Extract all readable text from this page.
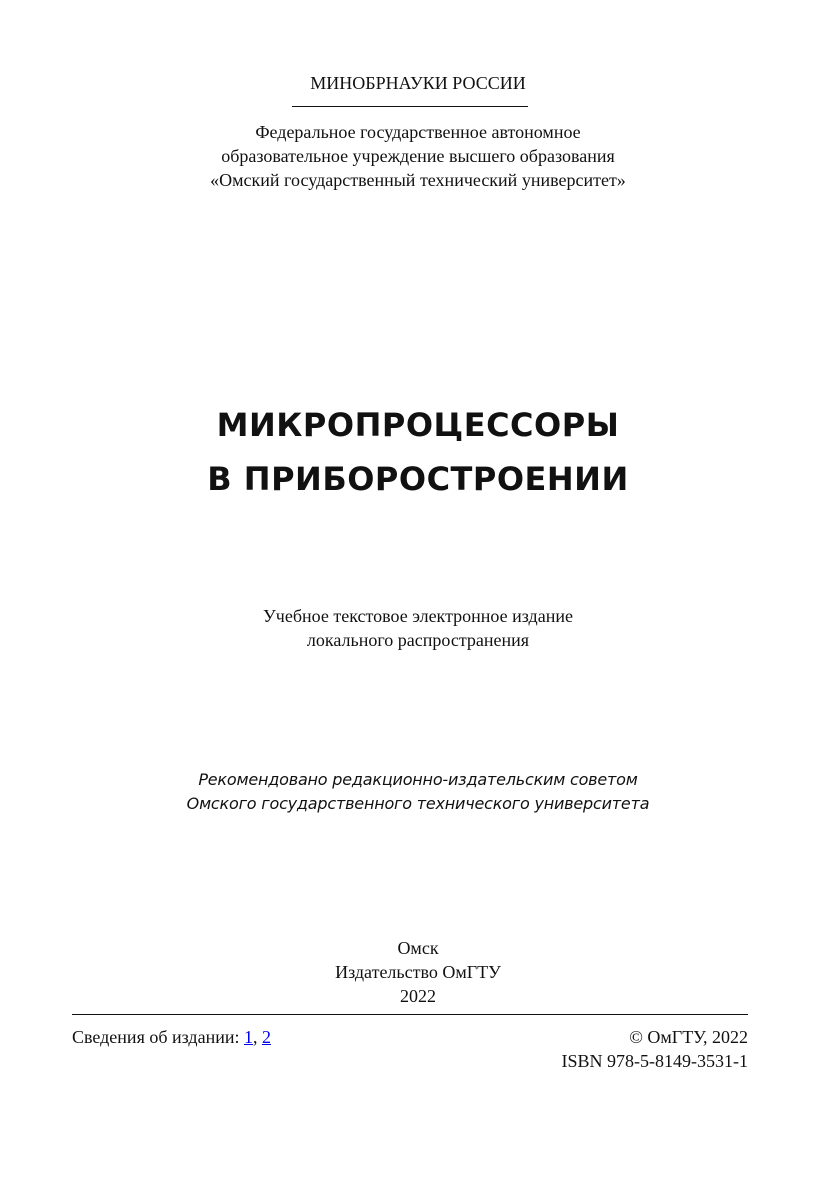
МИНОБРНАУКИ РОССИИ
Федеральное государственное автономное
образовательное учреждение высшего образования
«Омский государственный технический университет»
МИКРОПРОЦЕССОРЫ
В ПРИБОРОСТРОЕНИИ
Учебное текстовое электронное издание
локального распространения
Рекомендовано редакционно-издательским советом
Омского государственного технического университета
Омск
Издательство ОмГТУ
2022
Сведения об издании: 1, 2	© ОмГТУ, 2022
ISBN 978-5-8149-3531-1
